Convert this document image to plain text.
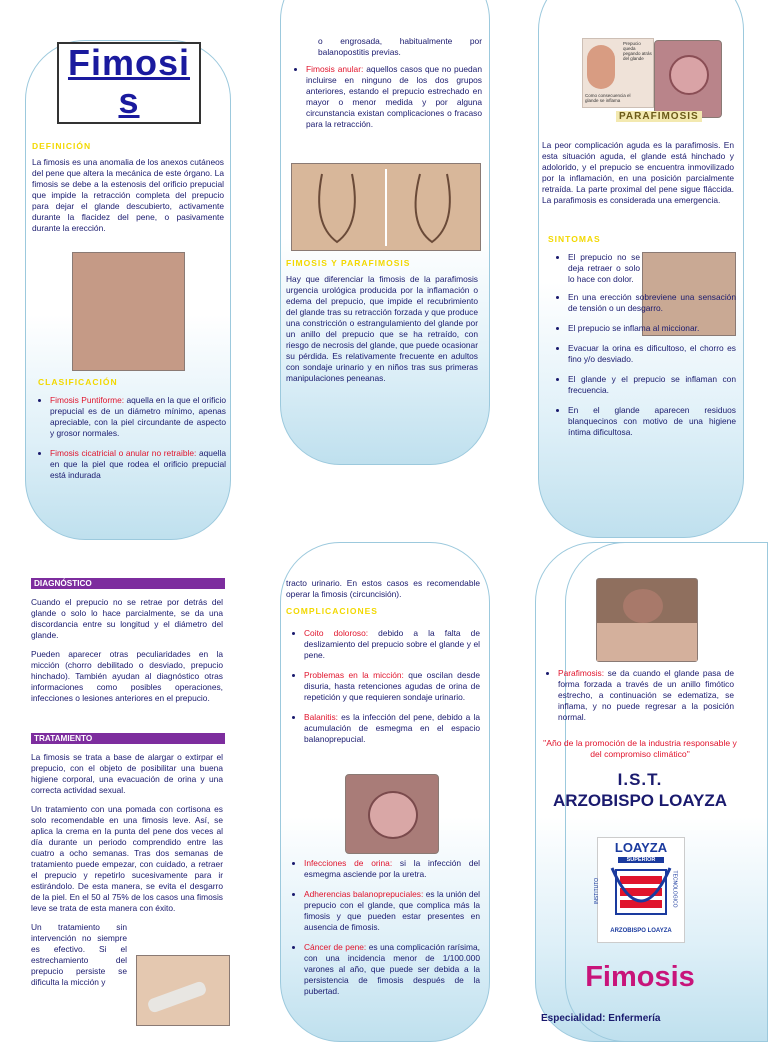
Fimosis
DEFINICIÓN

La fimosis es una anomalia de los anexos cutáneos del pene que altera la mecánica de este órgano. La fimosis se debe a la estenosis del orificio prepucial que impide la retracción completa del prepucio para dejar el glande descubierto, activamente durante la flacidez del pene, o pasivamente durante la erección.

CLASIFICACIÓN
• Fimosis Puntiforme: aquella en la que el orificio prepucial es de un diámetro mínimo, apenas apreciable, con la piel circundante de aspecto y grosor normales.
• Fimosis cicatricial o anular no retraible: aquella en que la piel que rodea el orificio prepucial está indurada

o engrosada, habitualmente por balanopostitis previas.

• Fimosis anular: aquellos casos que no puedan incluirse en ninguno de los dos grupos anteriores, estando el prepucio estrechado en mayor o menor medida y por alguna circunstancia existan complicaciones o fracaso para la retracción.
FIMOSIS Y PARAFIMOSIS

Hay que diferenciar la fimosis de la parafimosis urgencia urológica producida por la inflamación o edema del prepucio, que impide el recubrimiento del glande tras su retracción forzada y que produce una constricción o estrangulamiento del glande por un anillo del prepucio que se ha retraído, con riesgo de necrosis del glande, que puede ocasionar su pérdida. Es relativamente frecuente en adultos con sondaje urinario y en niños tras sus primeras manipulaciones peneanas.

Prepucio queda pegando atrás del glande
Como consecuencia el glande se inflama
PARAFIMOSIS

La peor complicación aguda es la parafimosis. En esta situación aguda, el glande está hinchado y adolorido, y el prepucio se encuentra inmovilizado por la inflamación, en una posición parcialmente retraída. La parte proximal del pene sigue fláccida. La parafimosis es considerada una emergencia.

SINTOMAS
• El prepucio no se deja retraer o solo lo hace con dolor.
• En una erección sobreviene una sensación de tensión o un desgarro.
• El prepucio se inflama al miccionar.
• Evacuar la orina es dificultoso, el chorro es fino y/o desviado.
• El glande y el prepucio se inflaman con frecuencia.
• En el glande aparecen residuos blanquecinos con motivo de una higiene íntima dificultosa.
DIAGNÓSTICO

Cuando el prepucio no se retrae por detrás del glande o solo lo hace parcialmente, se da una discordancia entre su longitud y el diámetro del glande.

Pueden aparecer otras peculiaridades en la micción (chorro debilitado o desviado, prepucio hinchado). También ayudan al diagnóstico otras informaciones como posibles operaciones, infecciones o lesiones anteriores en el prepucio.

TRATAMIENTO

La fimosis se trata a base de alargar o extirpar el prepucio, con el objeto de posibilitar una buena higiene corporal, una evacuación de orina y una correcta actividad sexual.

Un tratamiento con una pomada con cortisona es solo recomendable en una fimosis leve. Así, se aplica la crema en la punta del pene dos veces al día durante un periodo comprendido entre las cuatro a ocho semanas. Tras dos semanas de tratamiento puede empezar, con cuidado, a retraer el prepucio y repetirlo sucesivamente para ir estirándolo. De esta manera, se evita el desgarro de la piel. En el 50 al 75% de los casos una fimosis leve se trata de esta manera con éxito.

Un tratamiento sin intervención no siempre es efectivo. Si el estrechamiento del prepucio persiste se dificulta la micción y

tracto urinario. En estos casos es recomendable operar la fimosis (circuncisión).

COMPLICACIONES
• Coito doloroso: debido a la falta de deslizamiento del prepucio sobre el glande y el pene.
• Problemas en la micción: que oscilan desde disuria, hasta retenciones agudas de orina de repetición y que requieren sondaje urinario.
• Balanitis: es la infección del pene, debido a la acumulación de esmegma en el espacio balanoprepucial.
• Infecciones de orina: si la infección del esmegma asciende por la uretra.
• Adherencias balanoprepuciales: es la unión del prepucio con el glande, que complica más la fimosis y que pueden estar presentes en ausencia de fimosis.
• Cáncer de pene: es una complicación rarísima, con una incidencia menor de 1/100.000 varones al año, que puede ser debida a la persistencia de fimosis después de la pubertad.
• Parafimosis: se da cuando el glande pasa de forma forzada a través de un anillo fimótico estrecho, a continuación se edematiza, se inflama, y no puede regresar a la posición normal.
"Año de la promoción de la industria responsable y del compromiso climático"
I.S.T.
ARZOBISPO LOAYZA
LOAYZA
SUPERIOR
INSTITUTO	TECNOLOGICO
ARZOBISPO LOAYZA
Fimosis
Especialidad: Enfermería
